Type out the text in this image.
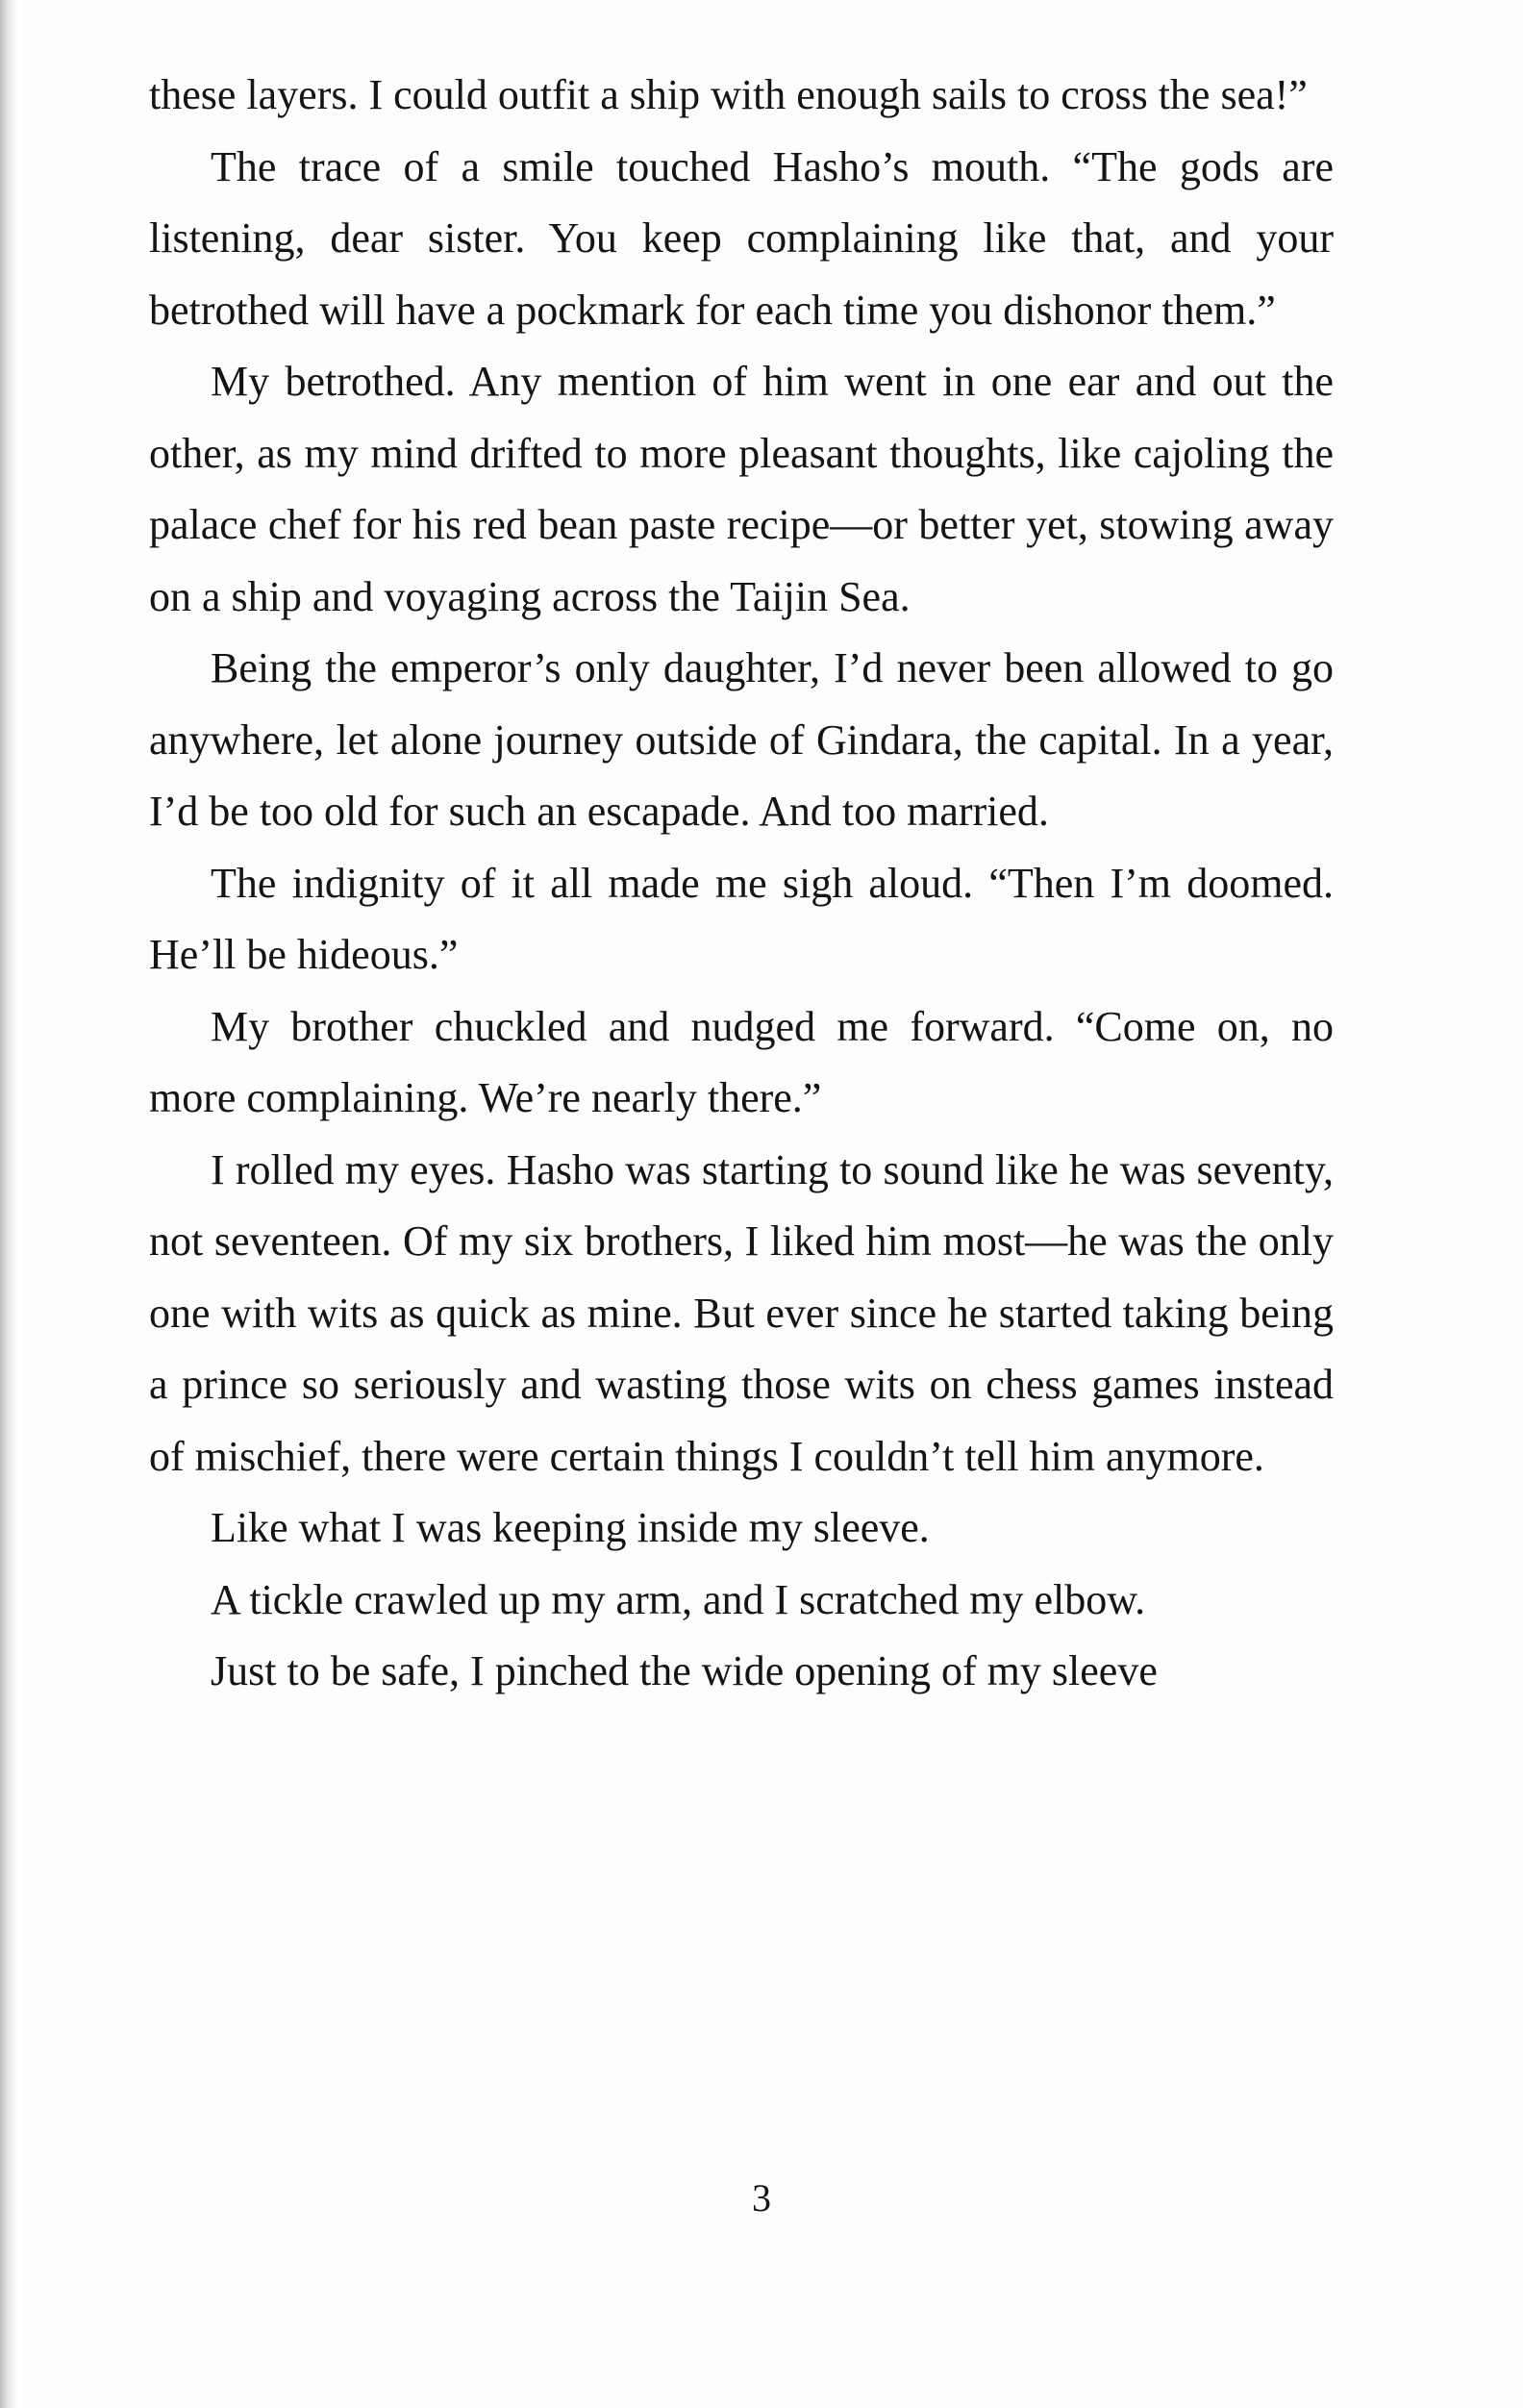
these layers. I could outfit a ship with enough sails to cross the sea!”

The trace of a smile touched Hasho’s mouth. “The gods are listening, dear sister. You keep complaining like that, and your betrothed will have a pockmark for each time you dishonor them.”

My betrothed. Any mention of him went in one ear and out the other, as my mind drifted to more pleasant thoughts, like cajoling the palace chef for his red bean paste recipe—or better yet, stowing away on a ship and voyaging across the Taijin Sea.

Being the emperor’s only daughter, I’d never been allowed to go anywhere, let alone journey outside of Gindara, the capital. In a year, I’d be too old for such an escapade. And too married.

The indignity of it all made me sigh aloud. “Then I’m doomed. He’ll be hideous.”

My brother chuckled and nudged me forward. “Come on, no more complaining. We’re nearly there.”

I rolled my eyes. Hasho was starting to sound like he was seventy, not seventeen. Of my six brothers, I liked him most—he was the only one with wits as quick as mine. But ever since he started taking being a prince so seriously and wasting those wits on chess games instead of mischief, there were certain things I couldn’t tell him anymore.

Like what I was keeping inside my sleeve.

A tickle crawled up my arm, and I scratched my elbow.

Just to be safe, I pinched the wide opening of my sleeve

3
